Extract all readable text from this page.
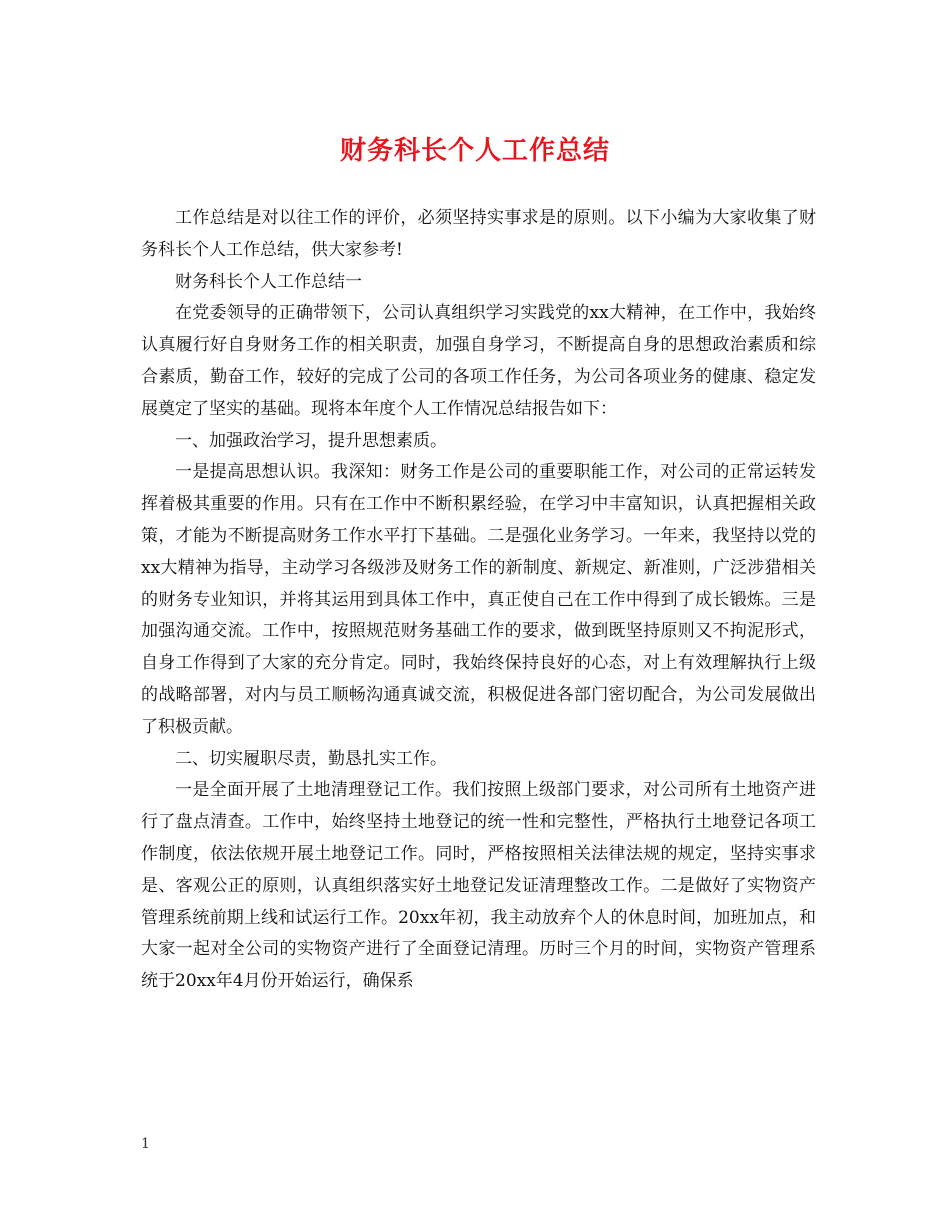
财务科长个人工作总结

工作总结是对以往工作的评价，必须坚持实事求是的原则。以下小编为大家收集了财务科长个人工作总结，供大家参考!

财务科长个人工作总结一

在党委领导的正确带领下，公司认真组织学习实践党的xx大精神，在工作中，我始终认真履行好自身财务工作的相关职责，加强自身学习，不断提高自身的思想政治素质和综合素质，勤奋工作，较好的完成了公司的各项工作任务，为公司各项业务的健康、稳定发展奠定了坚实的基础。现将本年度个人工作情况总结报告如下：

一、加强政治学习，提升思想素质。

一是提高思想认识。我深知：财务工作是公司的重要职能工作，对公司的正常运转发挥着极其重要的作用。只有在工作中不断积累经验，在学习中丰富知识，认真把握相关政策，才能为不断提高财务工作水平打下基础。二是强化业务学习。一年来，我坚持以党的xx大精神为指导，主动学习各级涉及财务工作的新制度、新规定、新准则，广泛涉猎相关的财务专业知识，并将其运用到具体工作中，真正使自己在工作中得到了成长锻炼。三是加强沟通交流。工作中，按照规范财务基础工作的要求，做到既坚持原则又不拘泥形式，自身工作得到了大家的充分肯定。同时，我始终保持良好的心态，对上有效理解执行上级的战略部署，对内与员工顺畅沟通真诚交流，积极促进各部门密切配合，为公司发展做出了积极贡献。

二、切实履职尽责，勤恳扎实工作。

一是全面开展了土地清理登记工作。我们按照上级部门要求，对公司所有土地资产进行了盘点清查。工作中，始终坚持土地登记的统一性和完整性，严格执行土地登记各项工作制度，依法依规开展土地登记工作。同时，严格按照相关法律法规的规定，坚持实事求是、客观公正的原则，认真组织落实好土地登记发证清理整改工作。二是做好了实物资产管理系统前期上线和试运行工作。20xx年初，我主动放弃个人的休息时间，加班加点，和大家一起对全公司的实物资产进行了全面登记清理。历时三个月的时间，实物资产管理系统于20xx年4月份开始运行，确保系

1
